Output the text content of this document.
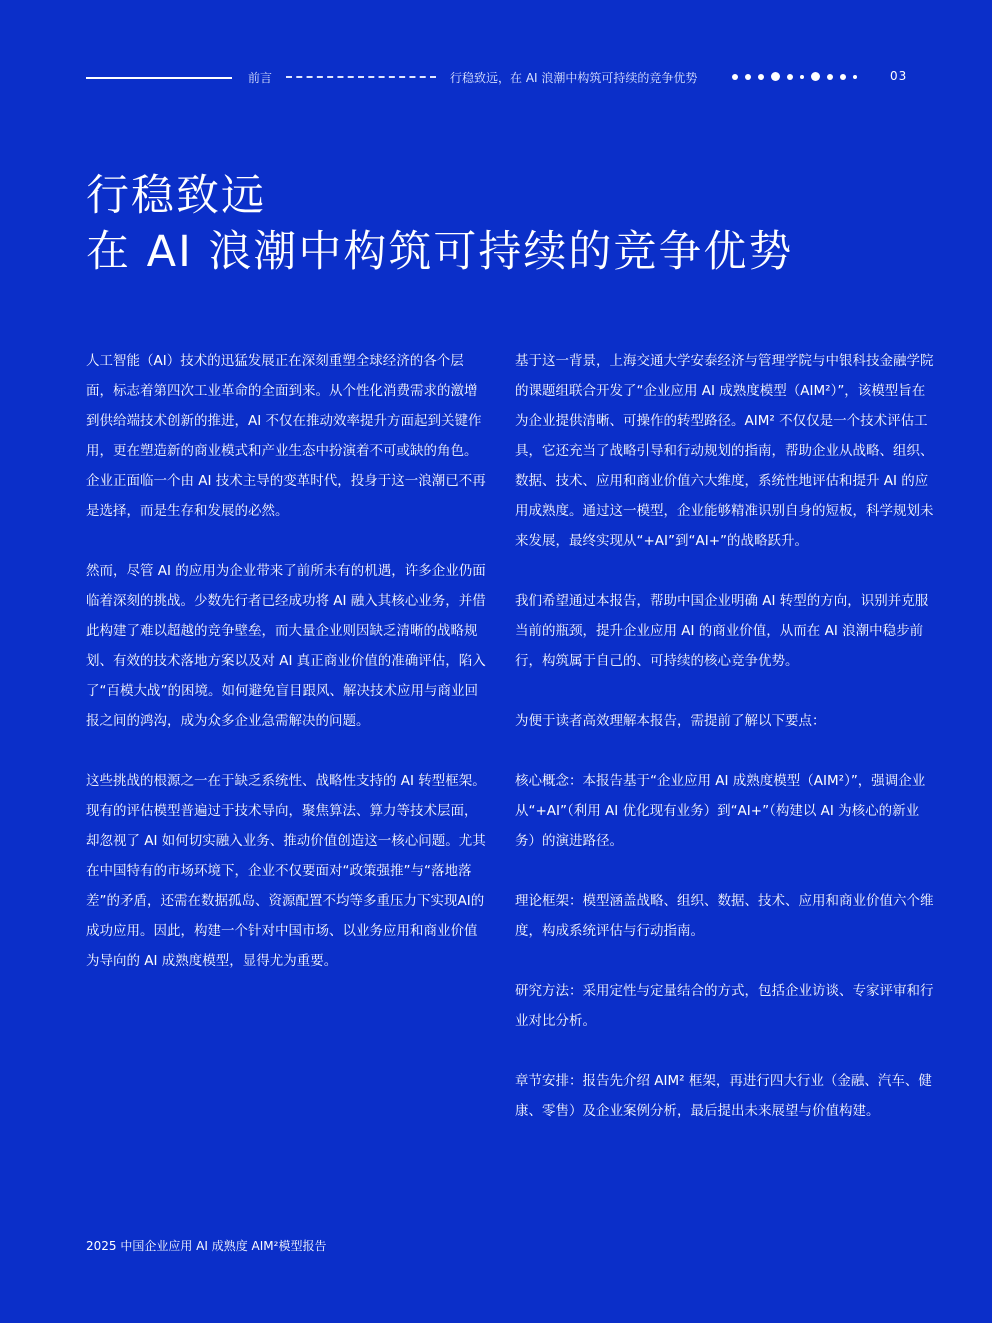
前言	行稳致远，在 AI 浪潮中构筑可持续的竞争优势	03
行稳致远
在 AI 浪潮中构筑可持续的竞争优势

人工智能（AI）技术的迅猛发展正在深刻重塑全球经济的各个层面，标志着第四次工业革命的全面到来。从个性化消费需求的激增到供给端技术创新的推进，AI 不仅在推动效率提升方面起到关键作用，更在塑造新的商业模式和产业生态中扮演着不可或缺的角色。企业正面临一个由 AI 技术主导的变革时代，投身于这一浪潮已不再是选择，而是生存和发展的必然。

然而，尽管 AI 的应用为企业带来了前所未有的机遇，许多企业仍面临着深刻的挑战。少数先行者已经成功将 AI 融入其核心业务，并借此构建了难以超越的竞争壁垒，而大量企业则因缺乏清晰的战略规划、有效的技术落地方案以及对 AI 真正商业价值的准确评估，陷入了“百模大战”的困境。如何避免盲目跟风、解决技术应用与商业回报之间的鸿沟，成为众多企业急需解决的问题。

这些挑战的根源之一在于缺乏系统性、战略性支持的 AI 转型框架。现有的评估模型普遍过于技术导向，聚焦算法、算力等技术层面，却忽视了 AI 如何切实融入业务、推动价值创造这一核心问题。尤其在中国特有的市场环境下，企业不仅要面对“政策强推”与“落地落差”的矛盾，还需在数据孤岛、资源配置不均等多重压力下实现AI的成功应用。因此，构建一个针对中国市场、以业务应用和商业价值为导向的 AI 成熟度模型，显得尤为重要。

基于这一背景，上海交通大学安泰经济与管理学院与中银科技金融学院的课题组联合开发了“企业应用 AI 成熟度模型（AIM²）”，该模型旨在为企业提供清晰、可操作的转型路径。AIM² 不仅仅是一个技术评估工具，它还充当了战略引导和行动规划的指南，帮助企业从战略、组织、数据、技术、应用和商业价值六大维度，系统性地评估和提升 AI 的应用成熟度。通过这一模型，企业能够精准识别自身的短板，科学规划未来发展，最终实现从“+AI”到“AI+”的战略跃升。

我们希望通过本报告，帮助中国企业明确 AI 转型的方向，识别并克服当前的瓶颈，提升企业应用 AI 的商业价值，从而在 AI 浪潮中稳步前行，构筑属于自己的、可持续的核心竞争优势。

为便于读者高效理解本报告，需提前了解以下要点：

核心概念：本报告基于“企业应用 AI 成熟度模型（AIM²）”，强调企业从“+AI”（利用 AI 优化现有业务）到“AI+”（构建以 AI 为核心的新业务）的演进路径。

理论框架：模型涵盖战略、组织、数据、技术、应用和商业价值六个维度，构成系统评估与行动指南。

研究方法：采用定性与定量结合的方式，包括企业访谈、专家评审和行业对比分析。

章节安排：报告先介绍 AIM² 框架，再进行四大行业（金融、汽车、健康、零售）及企业案例分析，最后提出未来展望与价值构建。

2025 中国企业应用 AI 成熟度 AIM²模型报告
